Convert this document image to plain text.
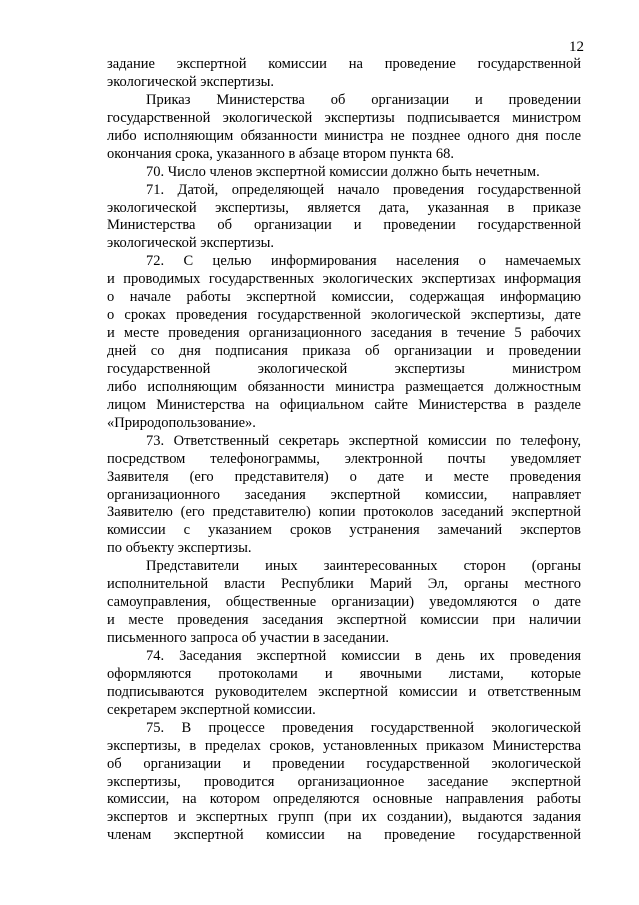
12
задание экспертной комиссии на проведение государственной
экологической экспертизы.
Приказ Министерства об организации и проведении
государственной экологической экспертизы подписывается министром
либо исполняющим обязанности министра не позднее одного дня после
окончания срока, указанного в абзаце втором пункта 68.
70. Число членов экспертной комиссии должно быть нечетным.
71. Датой, определяющей начало проведения государственной
экологической экспертизы, является дата, указанная в приказе
Министерства об организации и проведении государственной
экологической экспертизы.
72. С целью информирования населения о намечаемых
и проводимых государственных экологических экспертизах информация
о начале работы экспертной комиссии, содержащая информацию
о сроках проведения государственной экологической экспертизы, дате
и месте проведения организационного заседания в течение 5 рабочих
дней со дня подписания приказа об организации и проведении
государственной экологической экспертизы министром
либо исполняющим обязанности министра размещается должностным
лицом Министерства на официальном сайте Министерства в разделе
«Природопользование».
73. Ответственный секретарь экспертной комиссии по телефону,
посредством телефонограммы, электронной почты уведомляет
Заявителя (его представителя) о дате и месте проведения
организационного заседания экспертной комиссии, направляет
Заявителю (его представителю) копии протоколов заседаний экспертной
комиссии с указанием сроков устранения замечаний экспертов
по объекту экспертизы.
Представители иных заинтересованных сторон (органы
исполнительной власти Республики Марий Эл, органы местного
самоуправления, общественные организации) уведомляются о дате
и месте проведения заседания экспертной комиссии при наличии
письменного запроса об участии в заседании.
74. Заседания экспертной комиссии в день их проведения
оформляются протоколами и явочными листами, которые
подписываются руководителем экспертной комиссии и ответственным
секретарем экспертной комиссии.
75. В процессе проведения государственной экологической
экспертизы, в пределах сроков, установленных приказом Министерства
об организации и проведении государственной экологической
экспертизы, проводится организационное заседание экспертной
комиссии, на котором определяются основные направления работы
экспертов и экспертных групп (при их создании), выдаются задания
членам экспертной комиссии на проведение государственной
